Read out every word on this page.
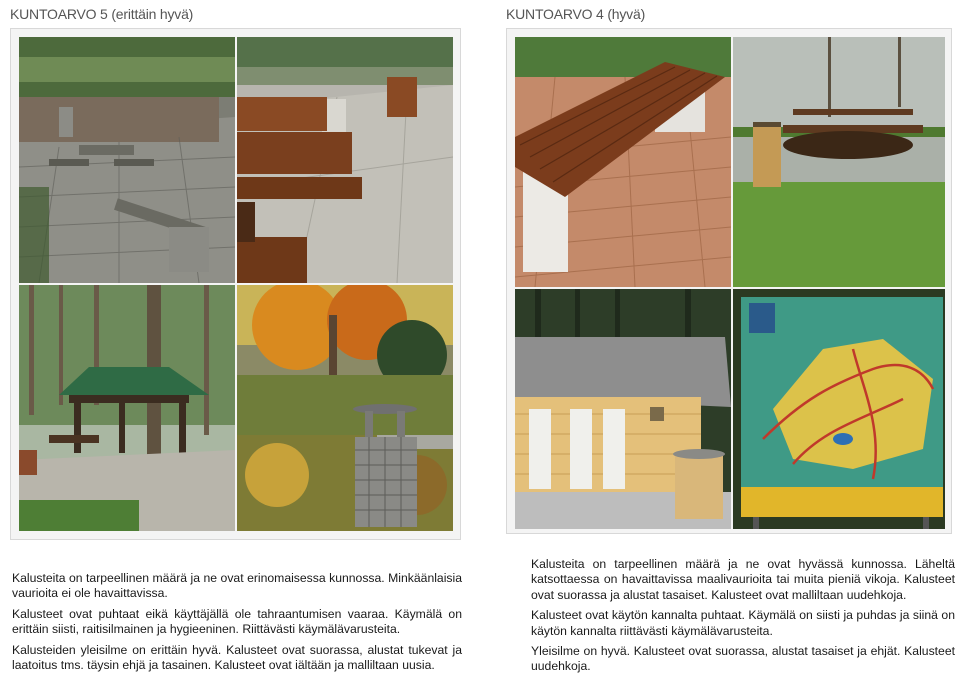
KUNTOARVO 5 (erittäin hyvä)	KUNTOARVO 4 (hyvä)

Kalusteita on tarpeellinen määrä ja ne ovat erinomaisessa kunnossa. Minkäänlaisia vaurioita ei ole havaittavissa.

Kalusteet ovat puhtaat eikä käyttäjällä ole tahraantumisen vaaraa. Käymälä on erittäin siisti, raitisilmainen ja hygieeninen. Riittävästi käymälävarusteita.

Kalusteiden yleisilme on erittäin hyvä. Kalusteet ovat suorassa, alustat tukevat ja laatoitus tms. täysin ehjä ja tasainen. Kalusteet ovat iältään ja malliltaan uusia.

Kalusteita on tarpeellinen määrä ja ne ovat hyvässä kunnossa. Läheltä katsottaessa on havaittavissa maalivaurioita tai muita pieniä vikoja. Kalusteet ovat suorassa ja alustat tasaiset. Kalusteet ovat malliltaan uudehkoja.

Kalusteet ovat käytön kannalta puhtaat. Käymälä on siisti ja puhdas ja siinä on käytön kannalta riittävästi käymälävarusteita.

Yleisilme on hyvä. Kalusteet ovat suorassa, alustat tasaiset ja ehjät. Kalusteet uudehkoja.
